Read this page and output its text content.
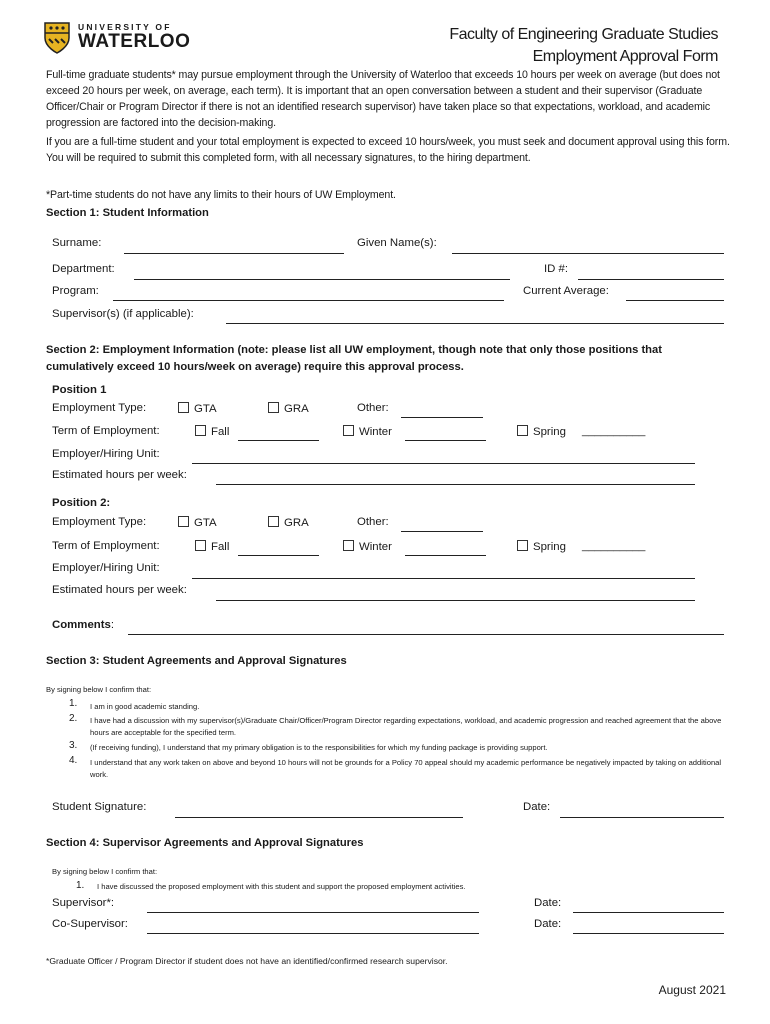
UNIVERSITY OF
WATERLOO	Faculty of Engineering Graduate Studies
Employment Approval Form
Full-time graduate students* may pursue employment through the University of Waterloo that exceeds 10 hours per week on average (but does not exceed 20 hours per week, on average, each term). It is important that an open conversation between a student and their supervisor (Graduate Officer/Chair or Program Director if there is not an identified research supervisor) have taken place so that expectations, workload, and academic progression are factored into the decision-making.
If you are a full-time student and your total employment is expected to exceed 10 hours/week, you must seek and document approval using this form. You will be required to submit this completed form, with all necessary signatures, to the hiring department.
*Part-time students do not have any limits to their hours of UW Employment.
Section 1: Student Information
Surname:	Given Name(s):
Department:	ID #:
Program:	Current Average:
Supervisor(s) (if applicable):
Section 2: Employment Information (note: please list all UW employment, though note that only those positions that
cumulatively exceed 10 hours/week on average) require this approval process.
Position 1
Employment Type:	GTA	GRA	Other:
Term of Employment:	Fall	Winter	Spring __________
Employer/Hiring Unit:
Estimated hours per week:
Position 2:
Employment Type:	GTA	GRA	Other:
Term of Employment:	Fall	Winter	Spring __________
Employer/Hiring Unit:
Estimated hours per week:
Comments:
Section 3: Student Agreements and Approval Signatures
By signing below I confirm that:
1. I am in good academic standing.
2. I have had a discussion with my supervisor(s)/Graduate Chair/Officer/Program Director regarding expectations, workload, and academic progression and reached agreement that the above hours are acceptable for the specified term.
3. (If receiving funding), I understand that my primary obligation is to the responsibilities for which my funding package is providing support.
4. I understand that any work taken on above and beyond 10 hours will not be grounds for a Policy 70 appeal should my academic performance be negatively impacted by taking on additional work.
Student Signature:	Date:
Section 4: Supervisor Agreements and Approval Signatures
By signing below I confirm that:
1. I have discussed the proposed employment with this student and support the proposed employment activities.
Supervisor*:	Date:
Co-Supervisor:	Date:
*Graduate Officer / Program Director if student does not have an identified/confirmed research supervisor.
August 2021
